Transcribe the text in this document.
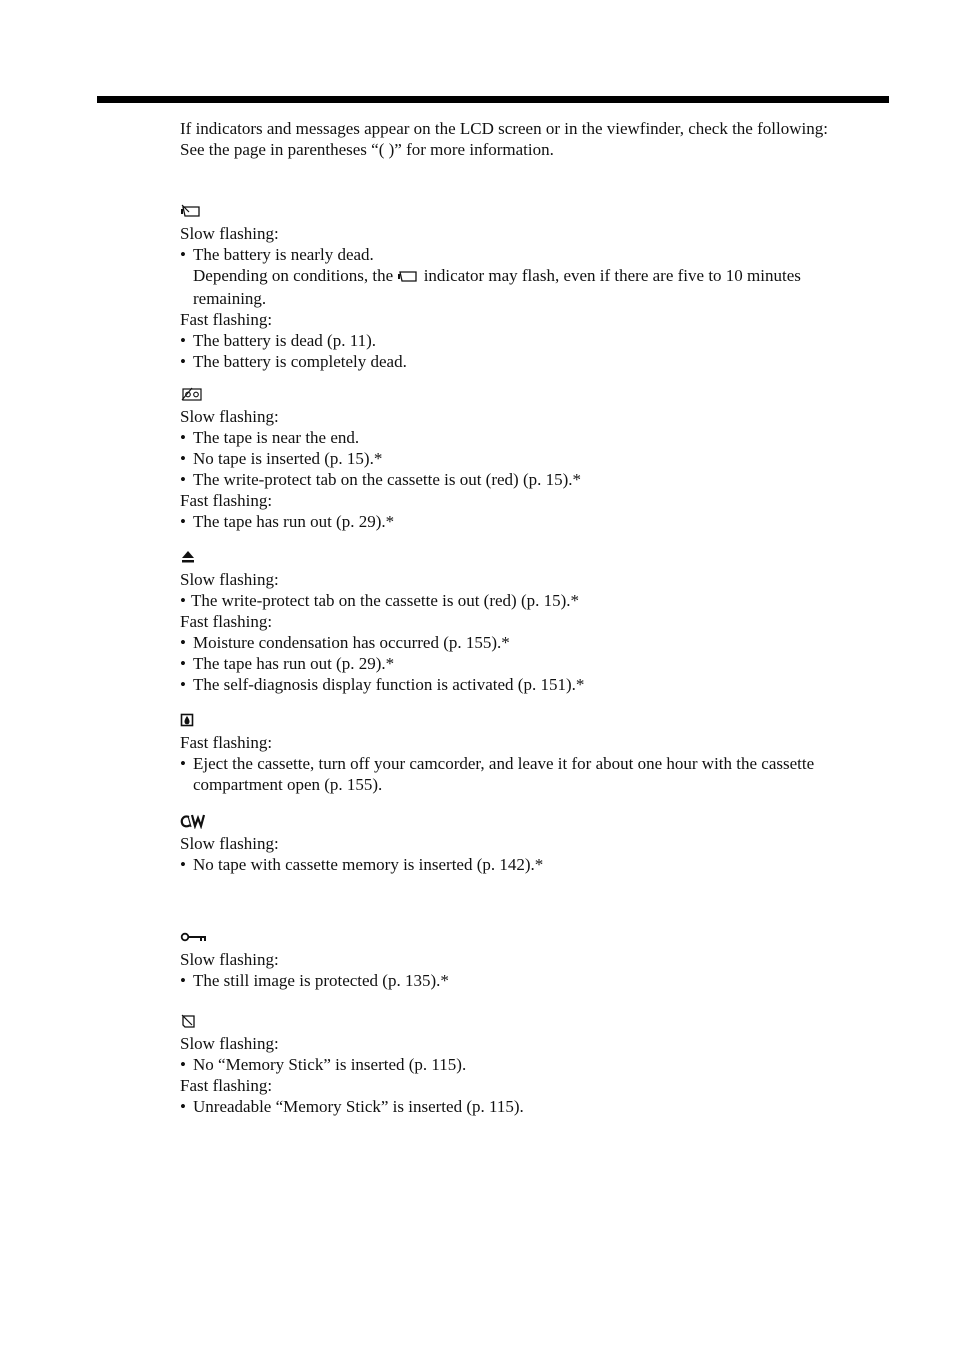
If indicators and messages appear on the LCD screen or in the viewfinder, check the following:

See the page in parentheses “( )” for more information.

Slow flashing:

• The battery is nearly dead.
Depending on conditions, the  indicator may flash, even if there are five to 10 minutes remaining.

Fast flashing:

• The battery is dead (p. 11).
• The battery is completely dead.

Slow flashing:

• The tape is near the end.
• No tape is inserted (p. 15).*
• The write-protect tab on the cassette is out (red) (p. 15).*

Fast flashing:

• The tape has run out (p. 29).*

Slow flashing:

• The write-protect tab on the cassette is out (red) (p. 15).*

Fast flashing:

• Moisture condensation has occurred (p. 155).*
• The tape has run out (p. 29).*
• The self-diagnosis display function is activated (p. 151).*

Fast flashing:

• Eject the cassette, turn off your camcorder, and leave it for about one hour with the cassette compartment open (p. 155).

Slow flashing:

• No tape with cassette memory is inserted (p. 142).*

Slow flashing:

• The still image is protected (p. 135).*

Slow flashing:

• No “Memory Stick” is inserted (p. 115).

Fast flashing:

• Unreadable “Memory Stick” is inserted (p. 115).
